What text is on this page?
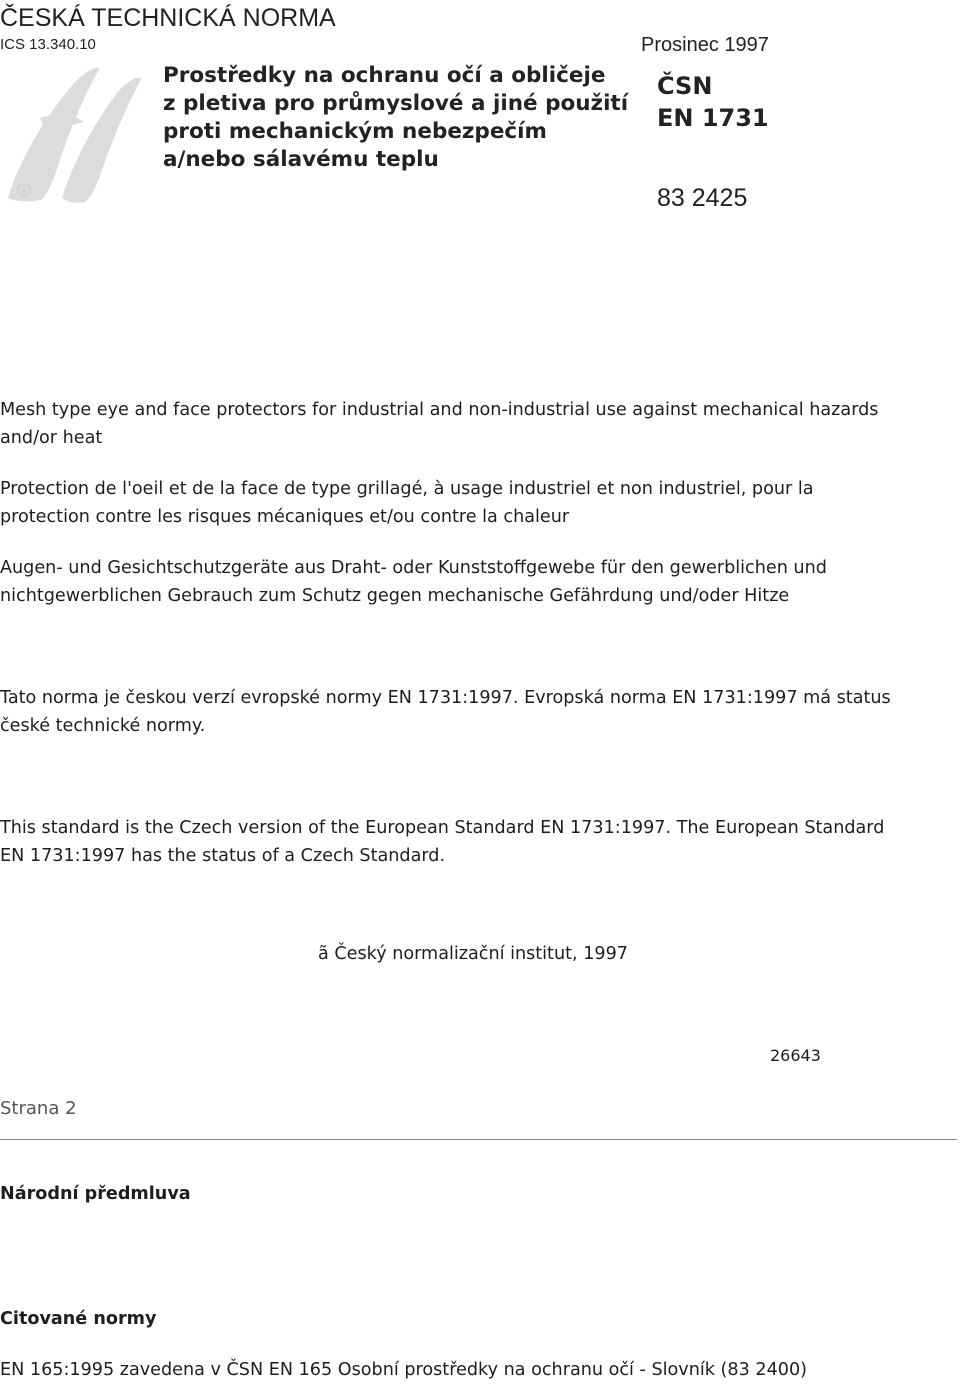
ČESKÁ TECHNICKÁ NORMA
ICS 13.340.10
®
Prostředky na ochranu očí a obličeje
z pletiva pro průmyslové a jiné použití
proti mechanickým nebezpečím
a/nebo sálavému teplu
Prosinec 1997
ČSN
EN 1731
83 2425
Mesh type eye and face protectors for industrial and non-industrial use against mechanical hazards
and/or heat
Protection de l'oeil et de la face de type grillagé, à usage industriel et non industriel, pour la
protection contre les risques mécaniques et/ou contre la chaleur
Augen- und Gesichtschutzgeräte aus Draht- oder Kunststoffgewebe für den gewerblichen und
nichtgewerblichen Gebrauch zum Schutz gegen mechanische Gefährdung und/oder Hitze
Tato norma je českou verzí evropské normy EN 1731:1997. Evropská norma EN 1731:1997 má status
české technické normy.
This standard is the Czech version of the European Standard EN 1731:1997. The European Standard
EN 1731:1997 has the status of a Czech Standard.
ã Český normalizační institut, 1997
26643
Strana 2
Národní předmluva
Citované normy
EN 165:1995 zavedena v ČSN EN 165 Osobní prostředky na ochranu očí - Slovník (83 2400)
